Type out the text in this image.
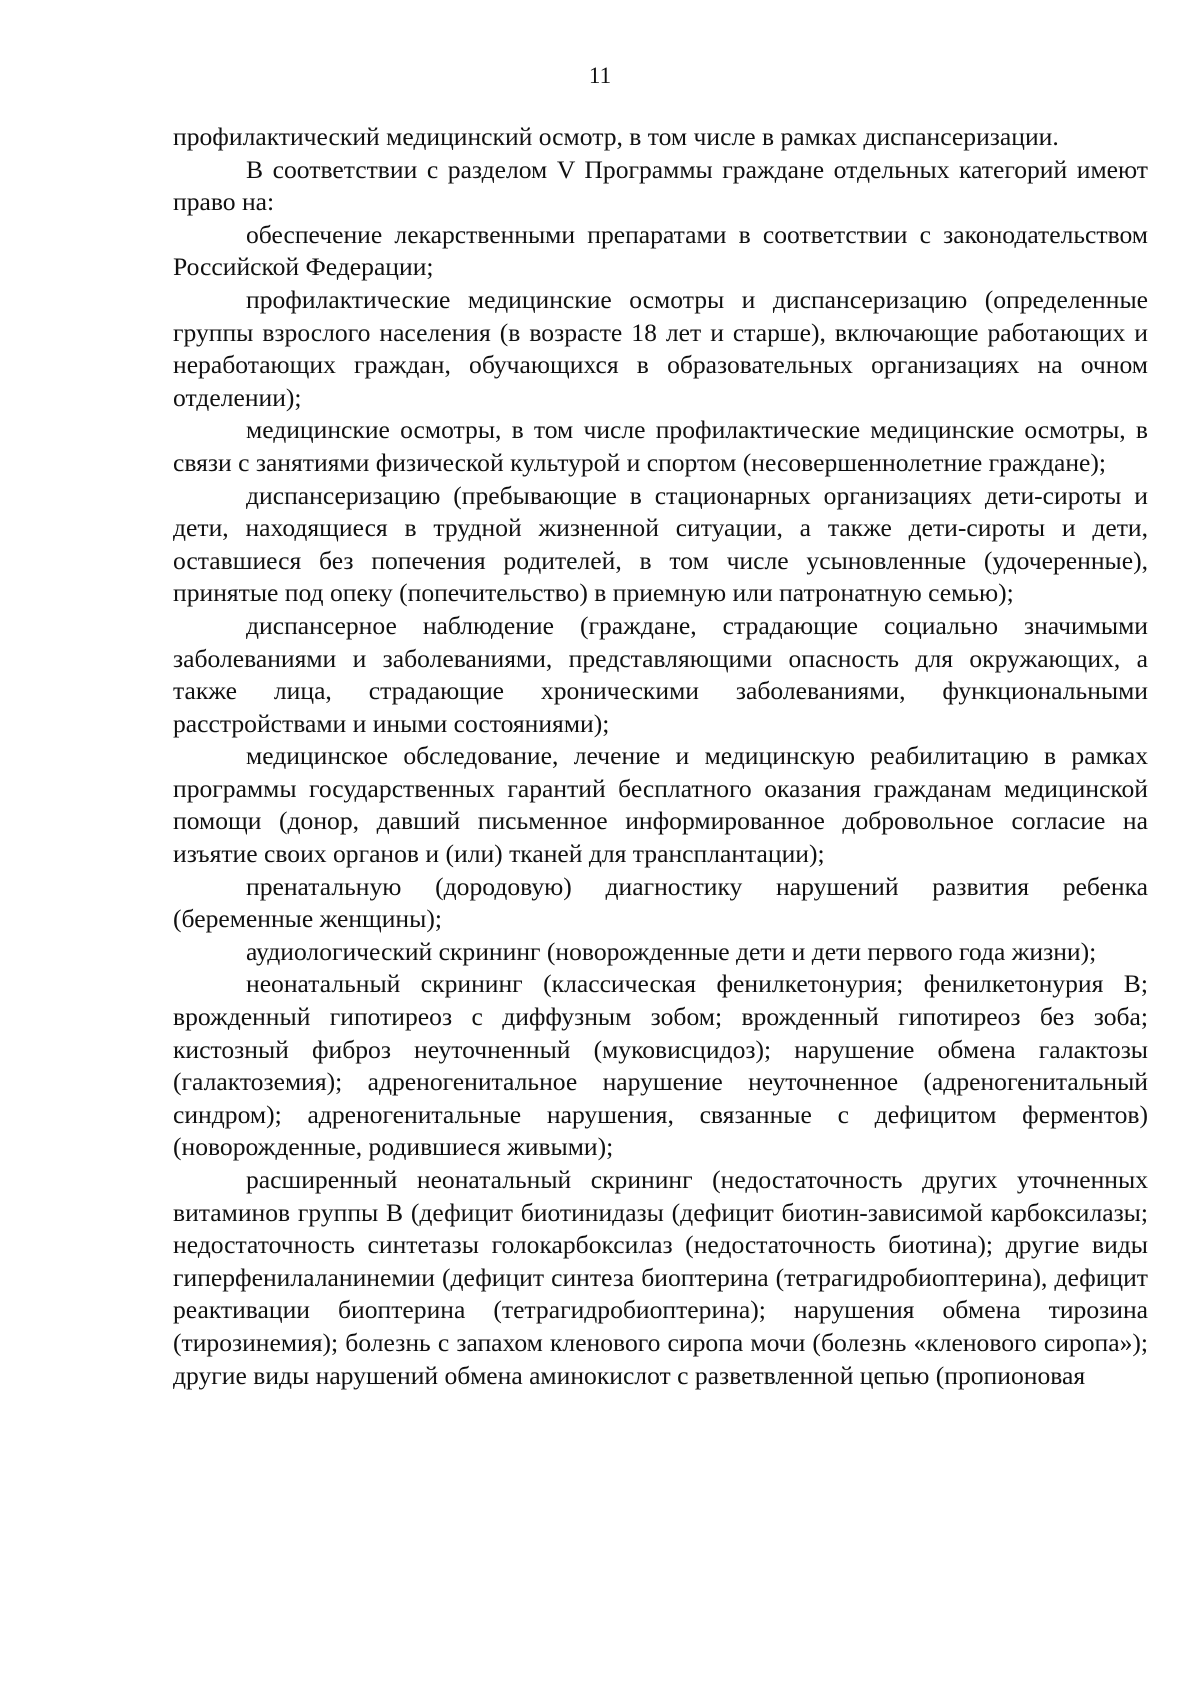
11

профилактический медицинский осмотр, в том числе в рамках диспансеризации.

В соответствии с разделом V Программы граждане отдельных категорий имеют право на:

обеспечение лекарственными препаратами в соответствии с законодательством Российской Федерации;

профилактические медицинские осмотры и диспансеризацию (определенные группы взрослого населения (в возрасте 18 лет и старше), включающие работающих и неработающих граждан, обучающихся в образовательных организациях на очном отделении);

медицинские осмотры, в том числе профилактические медицинские осмотры, в связи с занятиями физической культурой и спортом (несовершеннолетние граждане);

диспансеризацию (пребывающие в стационарных организациях дети-сироты и дети, находящиеся в трудной жизненной ситуации, а также дети-сироты и дети, оставшиеся без попечения родителей, в том числе усыновленные (удочеренные), принятые под опеку (попечительство) в приемную или патронатную семью);

диспансерное наблюдение (граждане, страдающие социально значимыми заболеваниями и заболеваниями, представляющими опасность для окружающих, а также лица, страдающие хроническими заболеваниями, функциональными расстройствами и иными состояниями);

медицинское обследование, лечение и медицинскую реабилитацию в рамках программы государственных гарантий бесплатного оказания гражданам медицинской помощи (донор, давший письменное информированное добровольное согласие на изъятие своих органов и (или) тканей для трансплантации);

пренатальную (дородовую) диагностику нарушений развития ребенка (беременные женщины);

аудиологический скрининг (новорожденные дети и дети первого года жизни);

неонатальный скрининг (классическая фенилкетонурия; фенилкетонурия B; врожденный гипотиреоз с диффузным зобом; врожденный гипотиреоз без зоба; кистозный фиброз неуточненный (муковисцидоз); нарушение обмена галактозы (галактоземия); адреногенитальное нарушение неуточненное (адреногенитальный синдром); адреногенитальные нарушения, связанные с дефицитом ферментов) (новорожденные, родившиеся живыми);

расширенный неонатальный скрининг (недостаточность других уточненных витаминов группы B (дефицит биотинидазы (дефицит биотин-зависимой карбоксилазы; недостаточность синтетазы голокарбоксилаз (недостаточность биотина); другие виды гиперфенилаланинемии (дефицит синтеза биоптерина (тетрагидробиоптерина), дефицит реактивации биоптерина (тетрагидробиоптерина); нарушения обмена тирозина (тирозинемия); болезнь с запахом кленового сиропа мочи (болезнь «кленового сиропа»); другие виды нарушений обмена аминокислот с разветвленной цепью (пропионовая
